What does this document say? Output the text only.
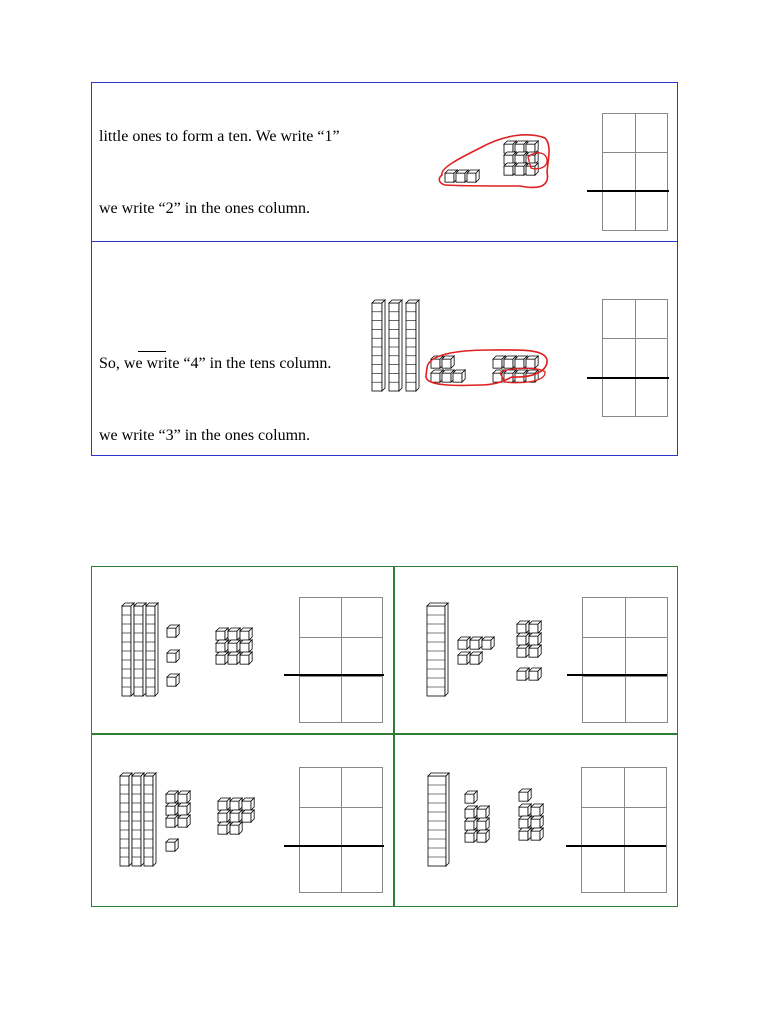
little ones to form a ten. We write “1”
we write “2” in the ones column.
So, we write “4” in the tens column.
we write “3” in the ones column.
